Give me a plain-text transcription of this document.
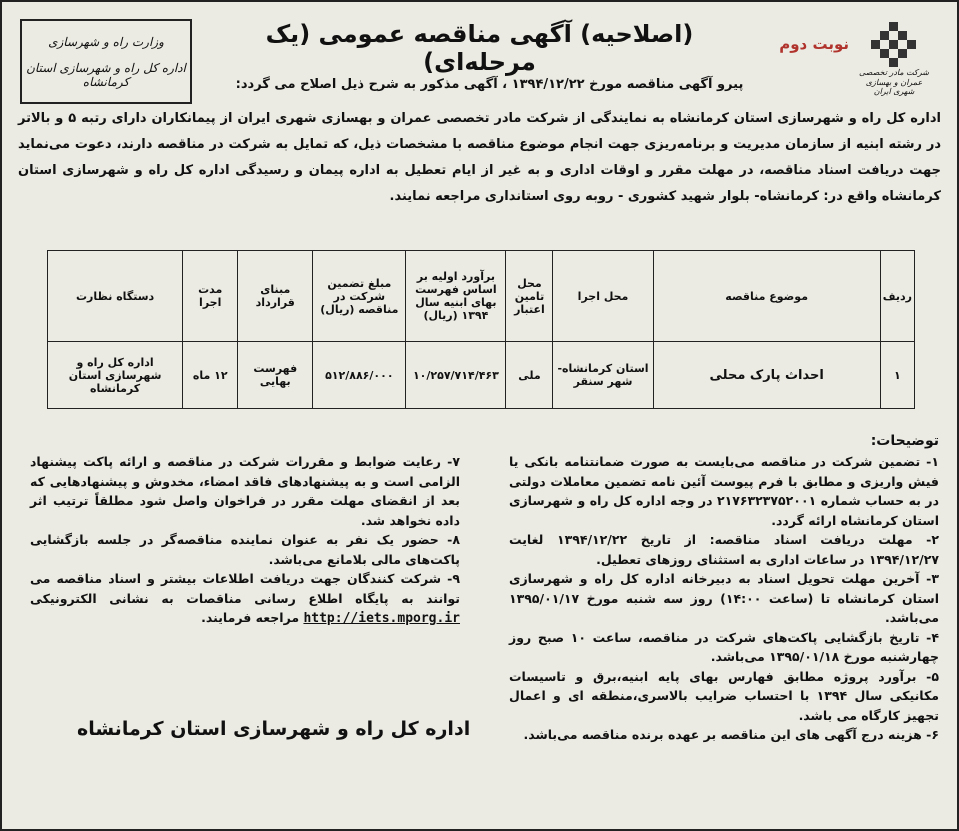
وزارت راه و شهرسازی
اداره کل راه و شهرسازی استان کرمانشاه
شرکت مادر تخصصی عمران و بهسازی شهری ایران
نوبت دوم
(اصلاحیه) آگهی مناقصه عمومی (یک مرحله‌ای)
پیرو آگهی مناقصه مورخ ۱۳۹۴/۱۲/۲۲ ، آگهی مذکور به شرح ذیل اصلاح می گردد:
اداره کل راه و شهرسازی استان کرمانشاه به نمایندگی از شرکت مادر تخصصی عمران و بهسازی شهری ایران از پیمانکاران دارای رتبه ۵ و بالاتر در رشته ابنیه از سازمان مدیریت و برنامه‌ریزی جهت انجام موضوع مناقصه با مشخصات ذیل، که تمایل به شرکت در مناقصه دارند، دعوت می‌نماید جهت دریافت اسناد مناقصه، در مهلت مقرر و اوقات اداری و به غیر از ایام تعطیل به اداره پیمان و رسیدگی اداره کل راه و شهرسازی استان کرمانشاه واقع در: کرمانشاه- بلوار شهید کشوری - روبه روی استانداری مراجعه نمایند.
ردیف	موضوع مناقصه	محل اجرا	محل تامین اعتبار	برآورد اولیه بر اساس فهرست بهای ابنیه سال ۱۳۹۴ (ریال)	مبلغ تضمین شرکت در مناقصه (ریال)	مبنای قرارداد	مدت اجرا	دستگاه نظارت
۱	احداث پارک محلی	استان کرمانشاه- شهر سنقر	ملی	۱۰/۲۵۷/۷۱۴/۴۶۳	۵۱۲/۸۸۶/۰۰۰	فهرست بهایی	۱۲ ماه	اداره کل راه و شهرسازی استان کرمانشاه
توضیحات:

۱- تضمین شرکت در مناقصه می‌بایست به صورت ضمانتنامه بانکی یا فیش واریزی و مطابق با فرم پیوست آئین نامه تضمین معاملات دولتی در به حساب شماره ۲۱۷۶۳۲۳۷۵۲۰۰۱ در وجه اداره کل راه و شهرسازی استان کرمانشاه ارائه گردد.

۲- مهلت دریافت اسناد مناقصه: از تاریخ ۱۳۹۴/۱۲/۲۲ لغایت ۱۳۹۴/۱۲/۲۷ در ساعات اداری به استثنای روزهای تعطیل.

۳- آخرین مهلت تحویل اسناد به دبیرخانه اداره کل راه و شهرسازی استان کرمانشاه تا (ساعت ۱۴:۰۰) روز سه شنبه مورخ ۱۳۹۵/۰۱/۱۷ می‌باشد.

۴- تاریخ بازگشایی پاکت‌های شرکت در مناقصه، ساعت ۱۰ صبح روز چهارشنبه مورخ ۱۳۹۵/۰۱/۱۸ می‌باشد.

۵- برآورد پروژه مطابق فهارس بهای پایه ابنیه،برق و تاسیسات مکانیکی سال ۱۳۹۴ با احتساب ضرایب بالاسری،منطقه ای و اعمال تجهیز کارگاه می باشد.

۶- هزینه درج آگهی های این مناقصه بر عهده برنده مناقصه می‌باشد.

۷- رعایت ضوابط و مقررات شرکت در مناقصه و ارائه پاکت پیشنهاد الزامی است و به پیشنهادهای فاقد امضاء، مخدوش و پیشنهادهایی که بعد از انقضای مهلت مقرر در فراخوان واصل شود مطلقاً ترتیب اثر داده نخواهد شد.

۸- حضور یک نفر به عنوان نماینده مناقصه‌گر در جلسه بازگشایی پاکت‌های مالی بلامانع می‌باشد.

۹- شرکت کنندگان جهت دریافت اطلاعات بیشتر و اسناد مناقصه می توانند به پایگاه اطلاع رسانی مناقصات به نشانی الکترونیکی http://iets.mporg.ir مراجعه فرمایند.

اداره کل راه و شهرسازی استان کرمانشاه
